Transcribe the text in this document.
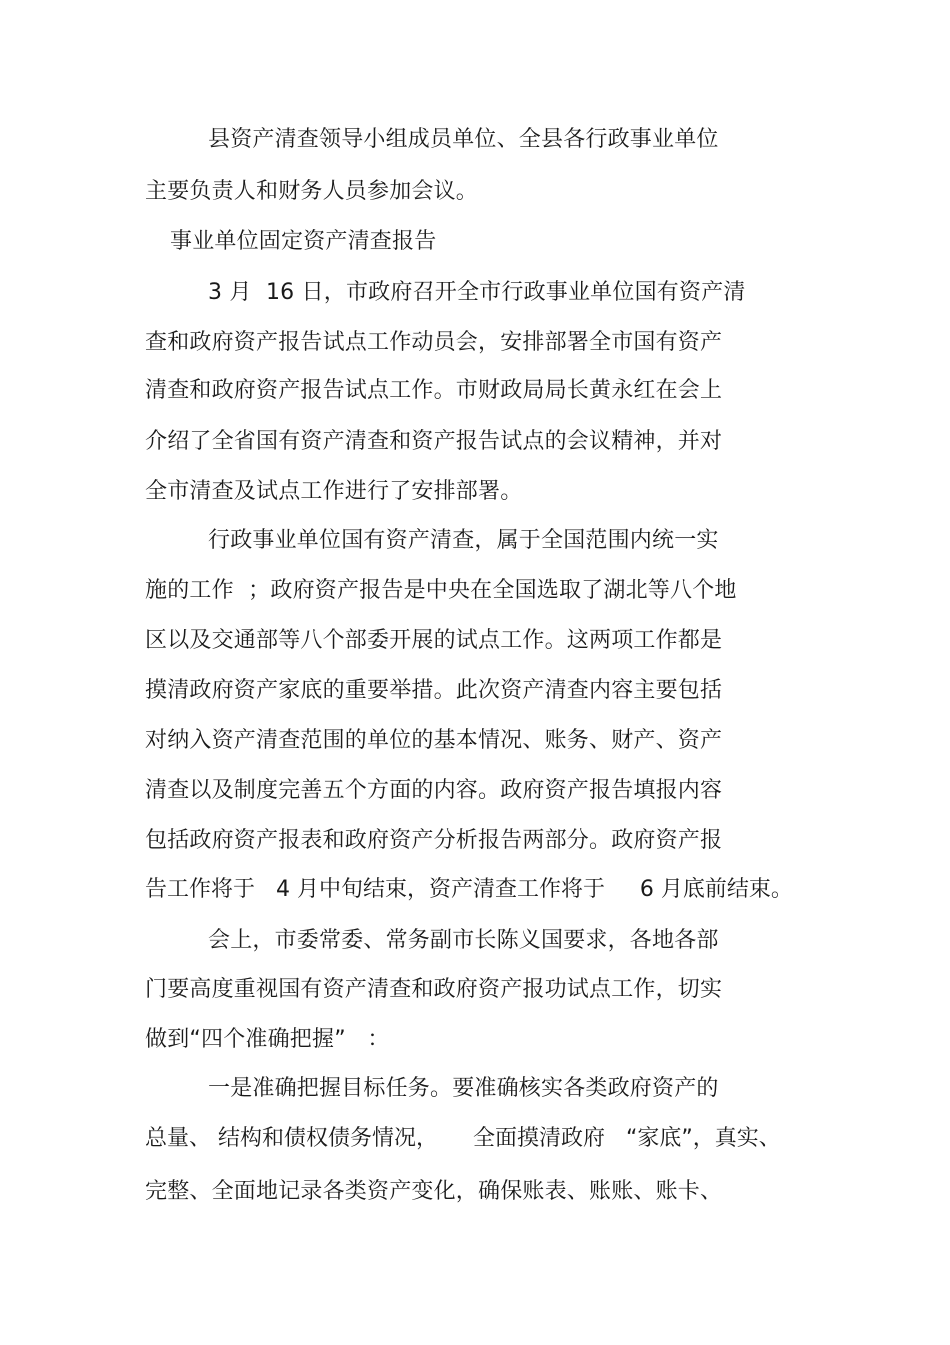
县资产清查领导小组成员单位、全县各行政事业单位
主要负责人和财务人员参加会议。
事业单位固定资产清查报告
3 月  16 日，市政府召开全市行政事业单位国有资产清
查和政府资产报告试点工作动员会，安排部署全市国有资产
清查和政府资产报告试点工作。市财政局局长黄永红在会上
介绍了全省国有资产清查和资产报告试点的会议精神，并对
全市清查及试点工作进行了安排部署。
行政事业单位国有资产清查，属于全国范围内统一实
施的工作  ；政府资产报告是中央在全国选取了湖北等八个地
区以及交通部等八个部委开展的试点工作。这两项工作都是
摸清政府资产家底的重要举措。此次资产清查内容主要包括
对纳入资产清查范围的单位的基本情况、账务、财产、资产
清查以及制度完善五个方面的内容。政府资产报告填报内容
包括政府资产报表和政府资产分析报告两部分。政府资产报
告工作将于   4 月中旬结束，资产清查工作将于     6 月底前结束。
会上，市委常委、常务副市长陈义国要求，各地各部
门要高度重视国有资产清查和政府资产报功试点工作，切实
做到“四个准确把握”   ：
一是准确把握目标任务。要准确核实各类政府资产的
总量、 结构和债权债务情况，     全面摸清政府   “家底”，真实、
完整、全面地记录各类资产变化，确保账表、账账、账卡、
